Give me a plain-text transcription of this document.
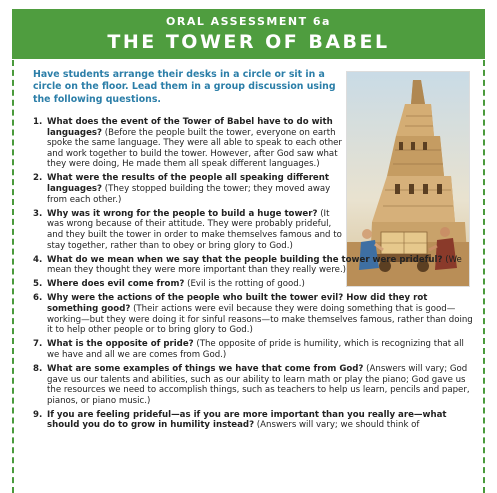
ORAL ASSESSMENT 6a
THE TOWER OF BABEL
Have students arrange their desks in a circle or sit in a circle on the floor. Lead them in a group discussion using the following questions.
1. What does the event of the Tower of Babel have to do with languages? (Before the people built the tower, everyone on earth spoke the same language. They were all able to speak to each other and work together to build the tower. However, after God saw what they were doing, He made them all speak different languages.)
2. What were the results of the people all speaking different languages? (They stopped building the tower; they moved away from each other.)
3. Why was it wrong for the people to build a huge tower? (It was wrong because of their attitude. They were probably prideful, and they built the tower in order to make themselves famous and to stay together, rather than to obey or bring glory to God.)
4. What do we mean when we say that the people building the tower were prideful? (We mean they thought they were more important than they really were.)
5. Where does evil come from? (Evil is the rotting of good.)
6. Why were the actions of the people who built the tower evil? How did they rot something good? (Their actions were evil because they were doing something that is good—working—but they were doing it for sinful reasons—to make themselves famous, rather than doing it to help other people or to bring glory to God.)
7. What is the opposite of pride? (The opposite of pride is humility, which is recognizing that all we have and all we are comes from God.)
8. What are some examples of things we have that come from God? (Answers will vary; God gave us our talents and abilities, such as our ability to learn math or play the piano; God gave us the resources we need to accomplish things, such as teachers to help us learn, pencils and paper, pianos, or piano music.)
9. If you are feeling prideful—as if you are more important than you really are—what should you do to grow in humility instead? (Answers will vary; we should think of
